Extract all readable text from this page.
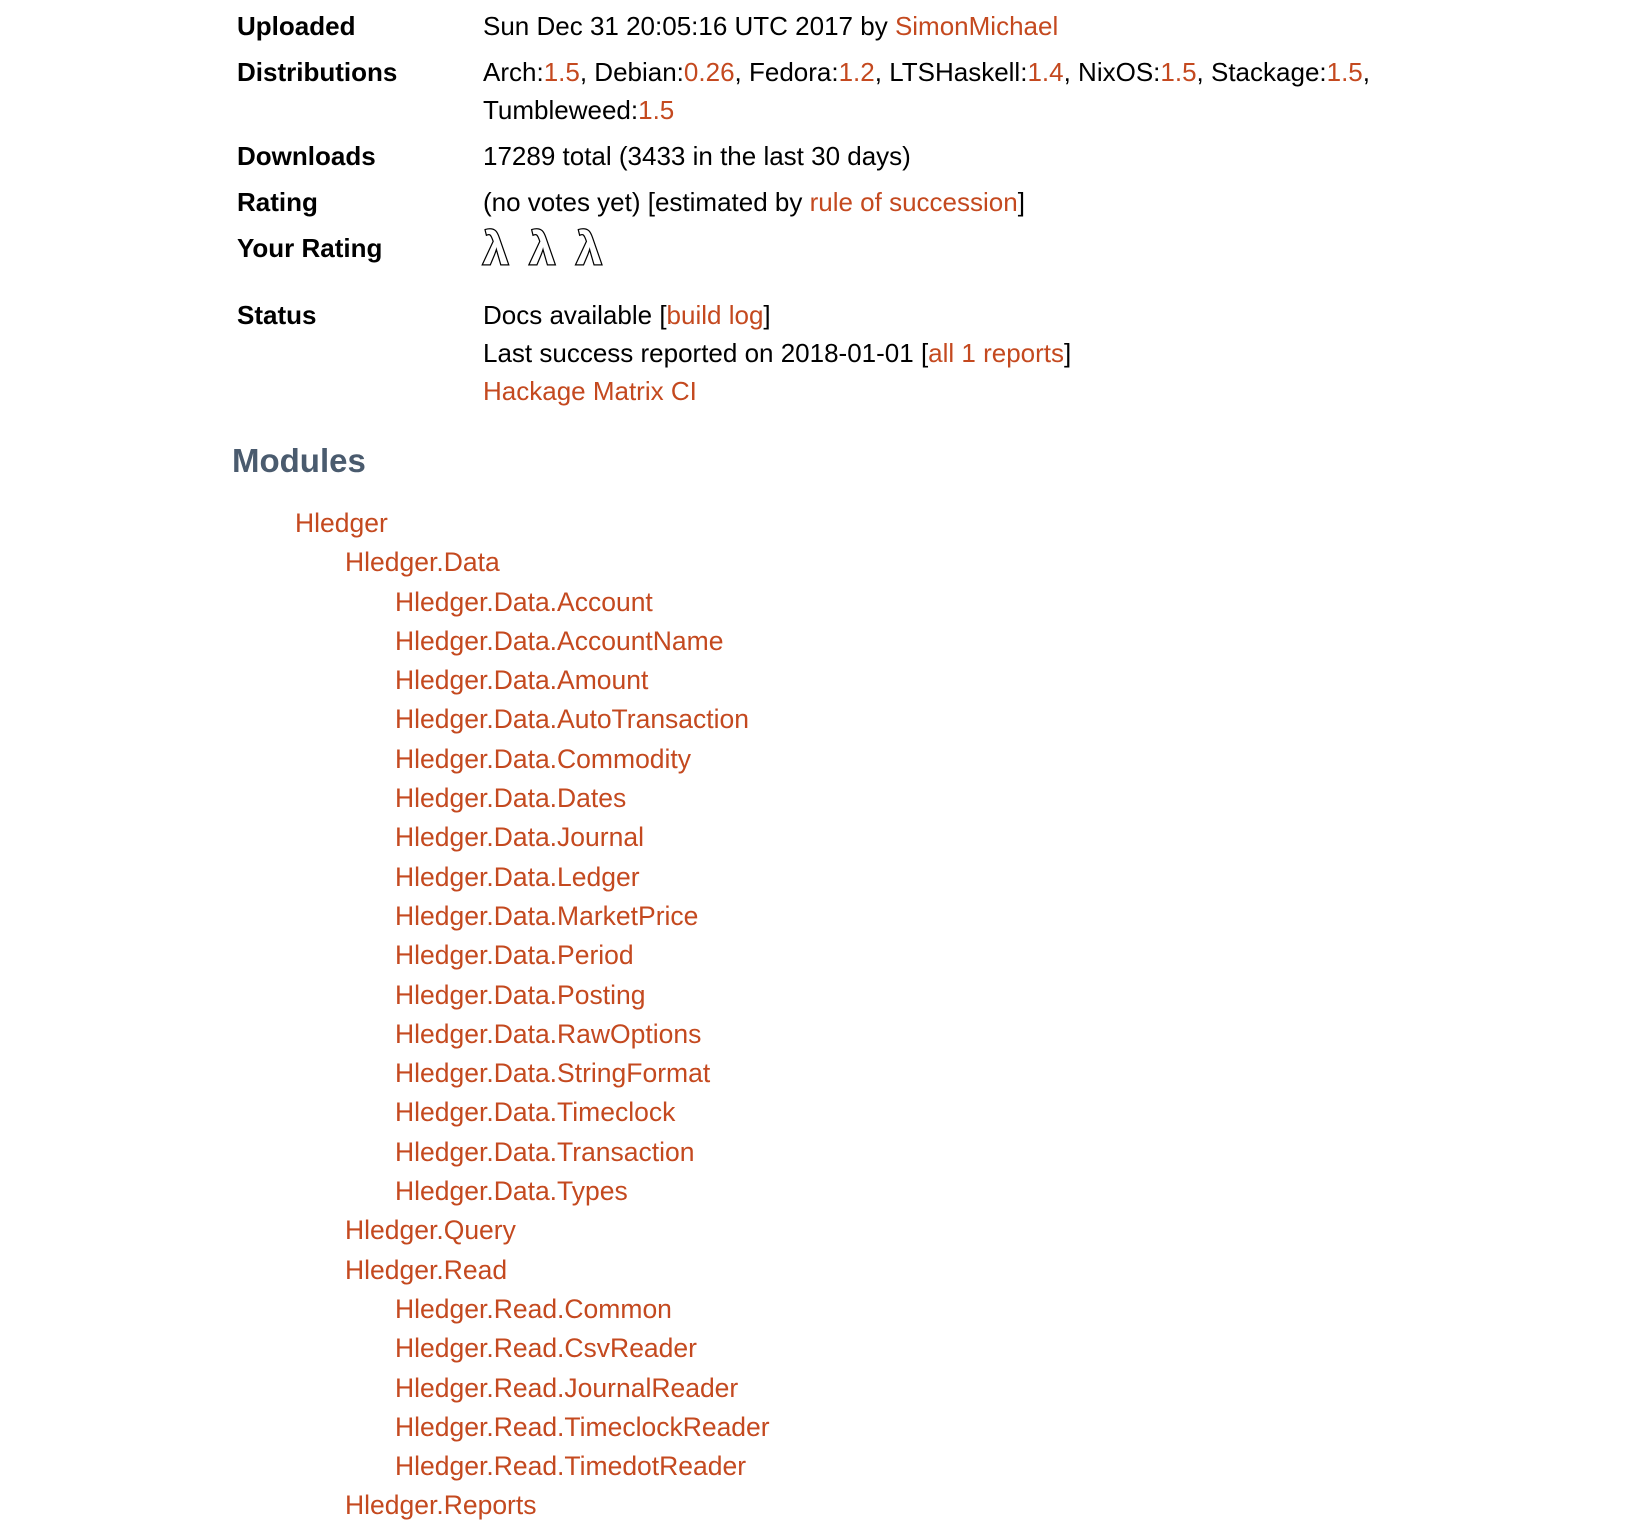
Uploaded	Sun Dec 31 20:05:16 UTC 2017 by SimonMichael

Distributions	Arch:1.5, Debian:0.26, Fedora:1.2, LTSHaskell:1.4, NixOS:1.5, Stackage:1.5,
Tumbleweed:1.5

Downloads	17289 total (3433 in the last 30 days)

Rating	(no votes yet) [estimated by rule of succession]

Your Rating	λ λ λ
Status	Docs available [build log]
Last success reported on 2018-01-01 [all 1 reports]
Hackage Matrix CI
Modules
Hledger
Hledger.Data
Hledger.Data.Account
Hledger.Data.AccountName
Hledger.Data.Amount
Hledger.Data.AutoTransaction
Hledger.Data.Commodity
Hledger.Data.Dates
Hledger.Data.Journal
Hledger.Data.Ledger
Hledger.Data.MarketPrice
Hledger.Data.Period
Hledger.Data.Posting
Hledger.Data.RawOptions
Hledger.Data.StringFormat
Hledger.Data.Timeclock
Hledger.Data.Transaction
Hledger.Data.Types
Hledger.Query
Hledger.Read
Hledger.Read.Common
Hledger.Read.CsvReader
Hledger.Read.JournalReader
Hledger.Read.TimeclockReader
Hledger.Read.TimedotReader
Hledger.Reports
